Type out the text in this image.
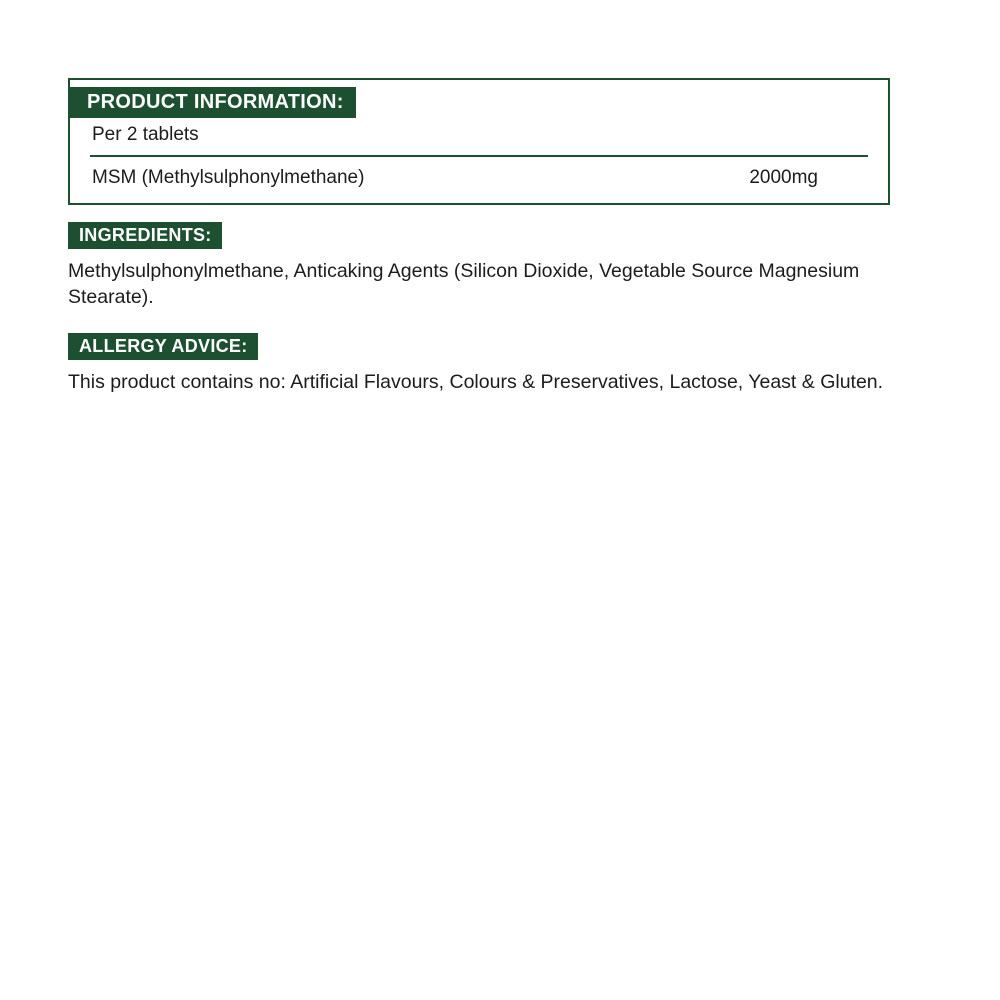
PRODUCT INFORMATION:
Per 2 tablets
MSM (Methylsulphonylmethane)	2000mg
INGREDIENTS:
Methylsulphonylmethane, Anticaking Agents (Silicon Dioxide, Vegetable Source Magnesium Stearate).
ALLERGY ADVICE:
This product contains no: Artificial Flavours, Colours & Preservatives, Lactose, Yeast & Gluten.
